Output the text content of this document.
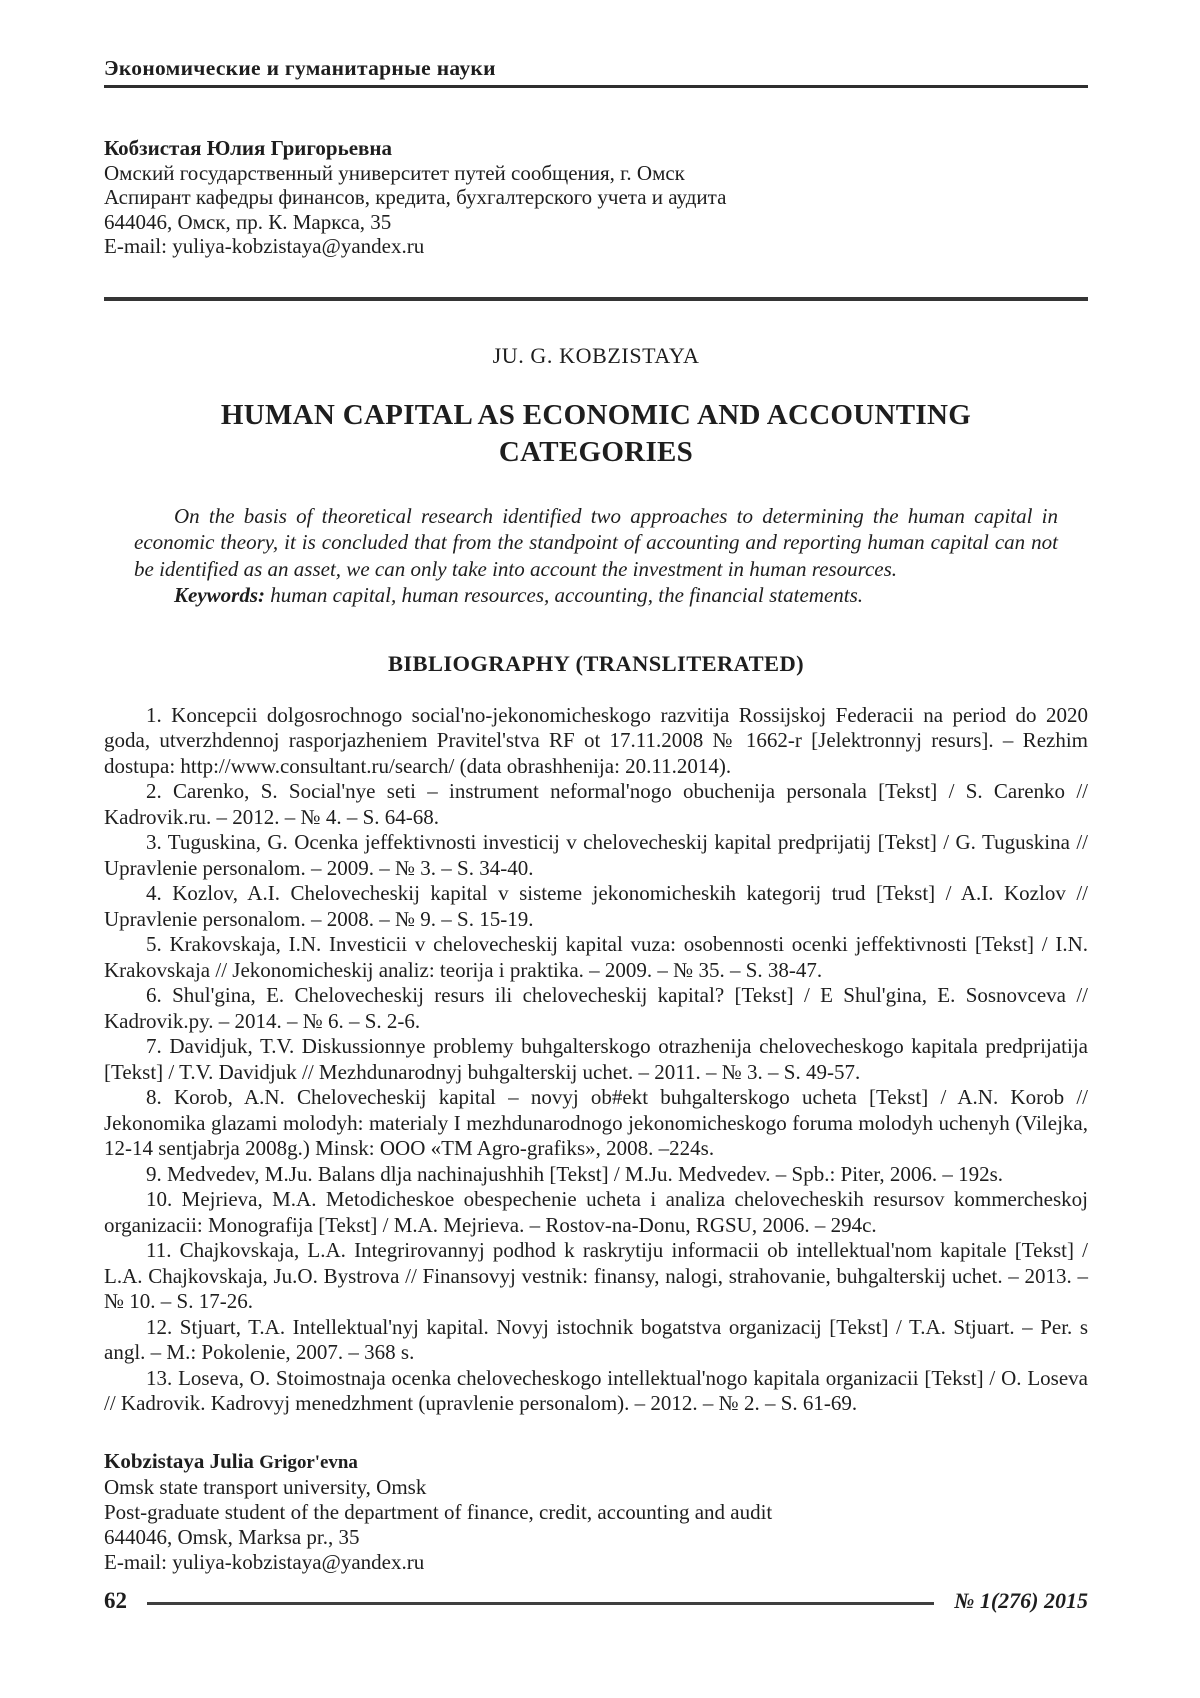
Экономические и гуманитарные науки
Кобзистая Юлия Григорьевна
Омский государственный университет путей сообщения, г. Омск
Аспирант кафедры финансов, кредита, бухгалтерского учета и аудита
644046, Омск, пр. К. Маркса, 35
E-mail: yuliya-kobzistaya@yandex.ru
JU. G. KOBZISTAYA
HUMAN CAPITAL AS ECONOMIC AND ACCOUNTING
CATEGORIES

On the basis of theoretical research identified two approaches to determining the human capital in economic theory, it is concluded that from the standpoint of accounting and reporting human capital can not be identified as an asset, we can only take into account the investment in human resources.

Keywords: human capital, human resources, accounting, the financial statements.

BIBLIOGRAPHY (TRANSLITERATED)

1. Koncepcii dolgosrochnogo social'no-jekonomicheskogo razvitija Rossijskoj Federacii na period do 2020 goda, utverzhdennoj rasporjazheniem Pravitel'stva RF ot 17.11.2008 № 1662-r [Jelektronnyj resurs]. – Rezhim dostupa: http://www.consultant.ru/search/ (data obrashhenija: 20.11.2014).

2. Carenko, S. Social'nye seti – instrument neformal'nogo obuchenija personala [Tekst] / S. Carenko // Kadrovik.ru. – 2012. – № 4. – S. 64-68.

3. Tuguskina, G. Ocenka jeffektivnosti investicij v chelovecheskij kapital predprijatij [Tekst] / G. Tuguskina // Upravlenie personalom. – 2009. – № 3. – S. 34-40.

4. Kozlov, A.I. Chelovecheskij kapital v sisteme jekonomicheskih kategorij trud [Tekst] / A.I. Kozlov // Upravlenie personalom. – 2008. – № 9. – S. 15-19.

5. Krakovskaja, I.N. Investicii v chelovecheskij kapital vuza: osobennosti ocenki jeffektivnosti [Tekst] / I.N. Krakovskaja // Jekonomicheskij analiz: teorija i praktika. – 2009. – № 35. – S. 38-47.

6. Shul'gina, E. Chelovecheskij resurs ili chelovecheskij kapital? [Tekst] / E Shul'gina, E. Sosnovceva // Kadrovik.py. – 2014. – № 6. – S. 2-6.

7. Davidjuk, T.V. Diskussionnye problemy buhgalterskogo otrazhenija chelovecheskogo kapitala predprijatija [Tekst] / T.V. Davidjuk // Mezhdunarodnyj buhgalterskij uchet. – 2011. – № 3. – S. 49-57.

8. Korob, A.N. Chelovecheskij kapital – novyj ob#ekt buhgalterskogo ucheta [Tekst] / A.N. Korob // Jekonomika glazami molodyh: materialy I mezhdunarodnogo jekonomicheskogo foruma molodyh uchenyh (Vilejka, 12-14 sentjabrja 2008g.) Minsk: OOO «TM Agro-grafiks», 2008. –224s.

9. Medvedev, M.Ju. Balans dlja nachinajushhih [Tekst] / M.Ju. Medvedev. – Spb.: Piter, 2006. – 192s.

10. Mejrieva, M.A. Metodicheskoe obespechenie ucheta i analiza chelovecheskih resursov kommercheskoj organizacii: Monografija [Tekst] / M.A. Mejrieva. – Rostov-na-Donu, RGSU, 2006. – 294c.

11. Chajkovskaja, L.A. Integrirovannyj podhod k raskrytiju informacii ob intellektual'nom kapitale [Tekst] / L.A. Chajkovskaja, Ju.O. Bystrova // Finansovyj vestnik: finansy, nalogi, strahovanie, buhgalterskij uchet. – 2013. – № 10. – S. 17-26.

12. Stjuart, T.A. Intellektual'nyj kapital. Novyj istochnik bogatstva organizacij [Tekst] / T.A. Stjuart. – Per. s angl. – M.: Pokolenie, 2007. – 368 s.

13. Loseva, O. Stoimostnaja ocenka chelovecheskogo intellektual'nogo kapitala organizacii [Tekst] / O. Loseva // Kadrovik. Kadrovyj menedzhment (upravlenie personalom). – 2012. – № 2. – S. 61-69.

Kobzistaya Julia Grigor'evna
Omsk state transport university, Omsk
Post-graduate student of the department of finance, credit, accounting and audit
644046, Omsk, Marksa pr., 35
E-mail: yuliya-kobzistaya@yandex.ru
62	№ 1(276) 2015
